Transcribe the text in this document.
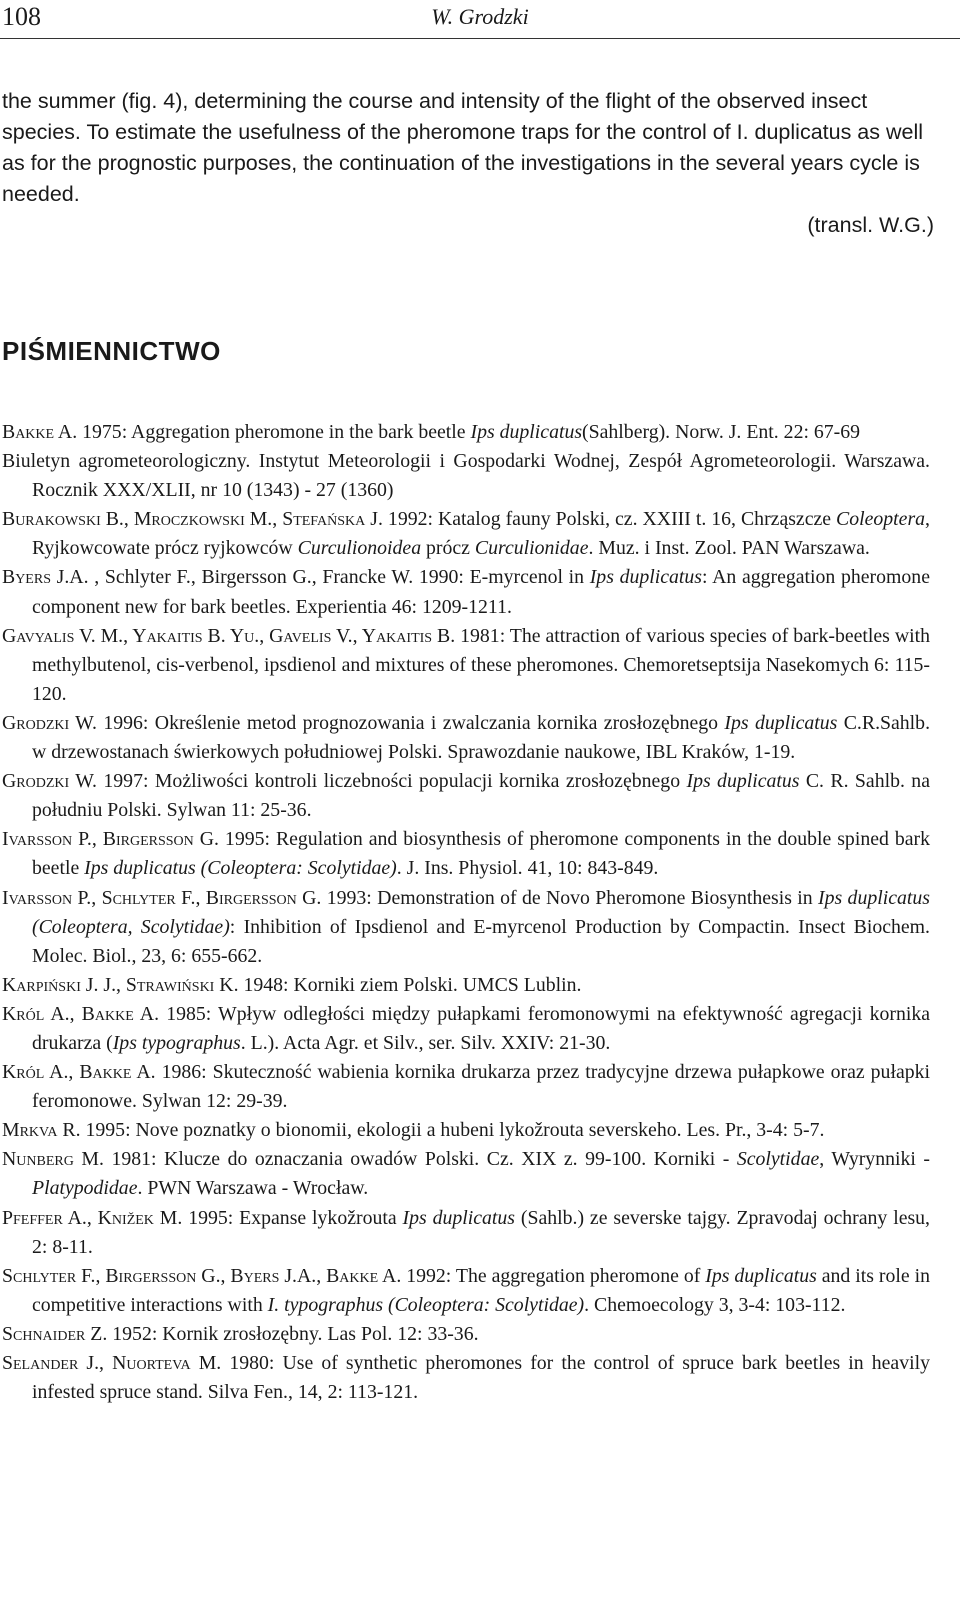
108	W. Grodzki

the summer (fig. 4), determining the course and intensity of the flight of the observed insect species. To estimate the usefulness of the pheromone traps for the control of I. duplicatus as well as for the prognostic purposes, the continuation of the investigations in the several years cycle is needed.

(transl. W.G.)

PIŚMIENNICTWO

Bakke A. 1975: Aggregation pheromone in the bark beetle Ips duplicatus(Sahlberg). Norw. J. Ent. 22: 67-69

Biuletyn agrometeorologiczny. Instytut Meteorologii i Gospodarki Wodnej, Zespół Agrometeorologii. Warszawa. Rocznik XXX/XLII, nr 10 (1343) - 27 (1360)

Burakowski B., Mroczkowski M., Stefańska J. 1992: Katalog fauny Polski, cz. XXIII t. 16, Chrząszcze Coleoptera, Ryjkowcowate prócz ryjkowców Curculionoidea prócz Curculionidae. Muz. i Inst. Zool. PAN Warszawa.

Byers J.A. , Schlyter F., Birgersson G., Francke W. 1990: E-myrcenol in Ips duplicatus: An aggregation pheromone component new for bark beetles. Experientia 46: 1209-1211.

Gavyalis V. M., Yakaitis B. Yu., Gavelis V., Yakaitis B. 1981: The attraction of various species of bark-beetles with methylbutenol, cis-verbenol, ipsdienol and mixtures of these pheromones. Chemoretseptsija Nasekomych 6: 115-120.

Grodzki W. 1996: Określenie metod prognozowania i zwalczania kornika zrosłozębnego Ips duplicatus C.R.Sahlb. w drzewostanach świerkowych południowej Polski. Sprawozdanie naukowe, IBL Kraków, 1-19.

Grodzki W. 1997: Możliwości kontroli liczebności populacji kornika zrosłozębnego Ips duplicatus C. R. Sahlb. na południu Polski. Sylwan 11: 25-36.

Ivarsson P., Birgersson G. 1995: Regulation and biosynthesis of pheromone components in the double spined bark beetle Ips duplicatus (Coleoptera: Scolytidae). J. Ins. Physiol. 41, 10: 843-849.

Ivarsson P., Schlyter F., Birgersson G. 1993: Demonstration of de Novo Pheromone Biosynthesis in Ips duplicatus (Coleoptera, Scolytidae): Inhibition of Ipsdienol and E-myrcenol Production by Compactin. Insect Biochem. Molec. Biol., 23, 6: 655-662.

Karpiński J. J., Strawiński K. 1948: Korniki ziem Polski. UMCS Lublin.

Król A., Bakke A. 1985: Wpływ odległości między pułapkami feromonowymi na efektywność agregacji kornika drukarza (Ips typographus. L.). Acta Agr. et Silv., ser. Silv. XXIV: 21-30.

Król A., Bakke A. 1986: Skuteczność wabienia kornika drukarza przez tradycyjne drzewa pułapkowe oraz pułapki feromonowe. Sylwan 12: 29-39.

Mrkva R. 1995: Nove poznatky o bionomii, ekologii a hubeni lykožrouta severskeho. Les. Pr., 3-4: 5-7.

Nunberg M. 1981: Klucze do oznaczania owadów Polski. Cz. XIX z. 99-100. Korniki - Scolytidae, Wyrynniki - Platypodidae. PWN Warszawa - Wrocław.

Pfeffer A., Knižek M. 1995: Expanse lykožrouta Ips duplicatus (Sahlb.) ze severske tajgy. Zpravodaj ochrany lesu, 2: 8-11.

Schlyter F., Birgersson G., Byers J.A., Bakke A. 1992: The aggregation pheromone of Ips duplicatus and its role in competitive interactions with I. typographus (Coleoptera: Scolytidae). Chemoecology 3, 3-4: 103-112.

Schnaider Z. 1952: Kornik zrosłozębny. Las Pol. 12: 33-36.

Selander J., Nuorteva M. 1980: Use of synthetic pheromones for the control of spruce bark beetles in heavily infested spruce stand. Silva Fen., 14, 2: 113-121.
